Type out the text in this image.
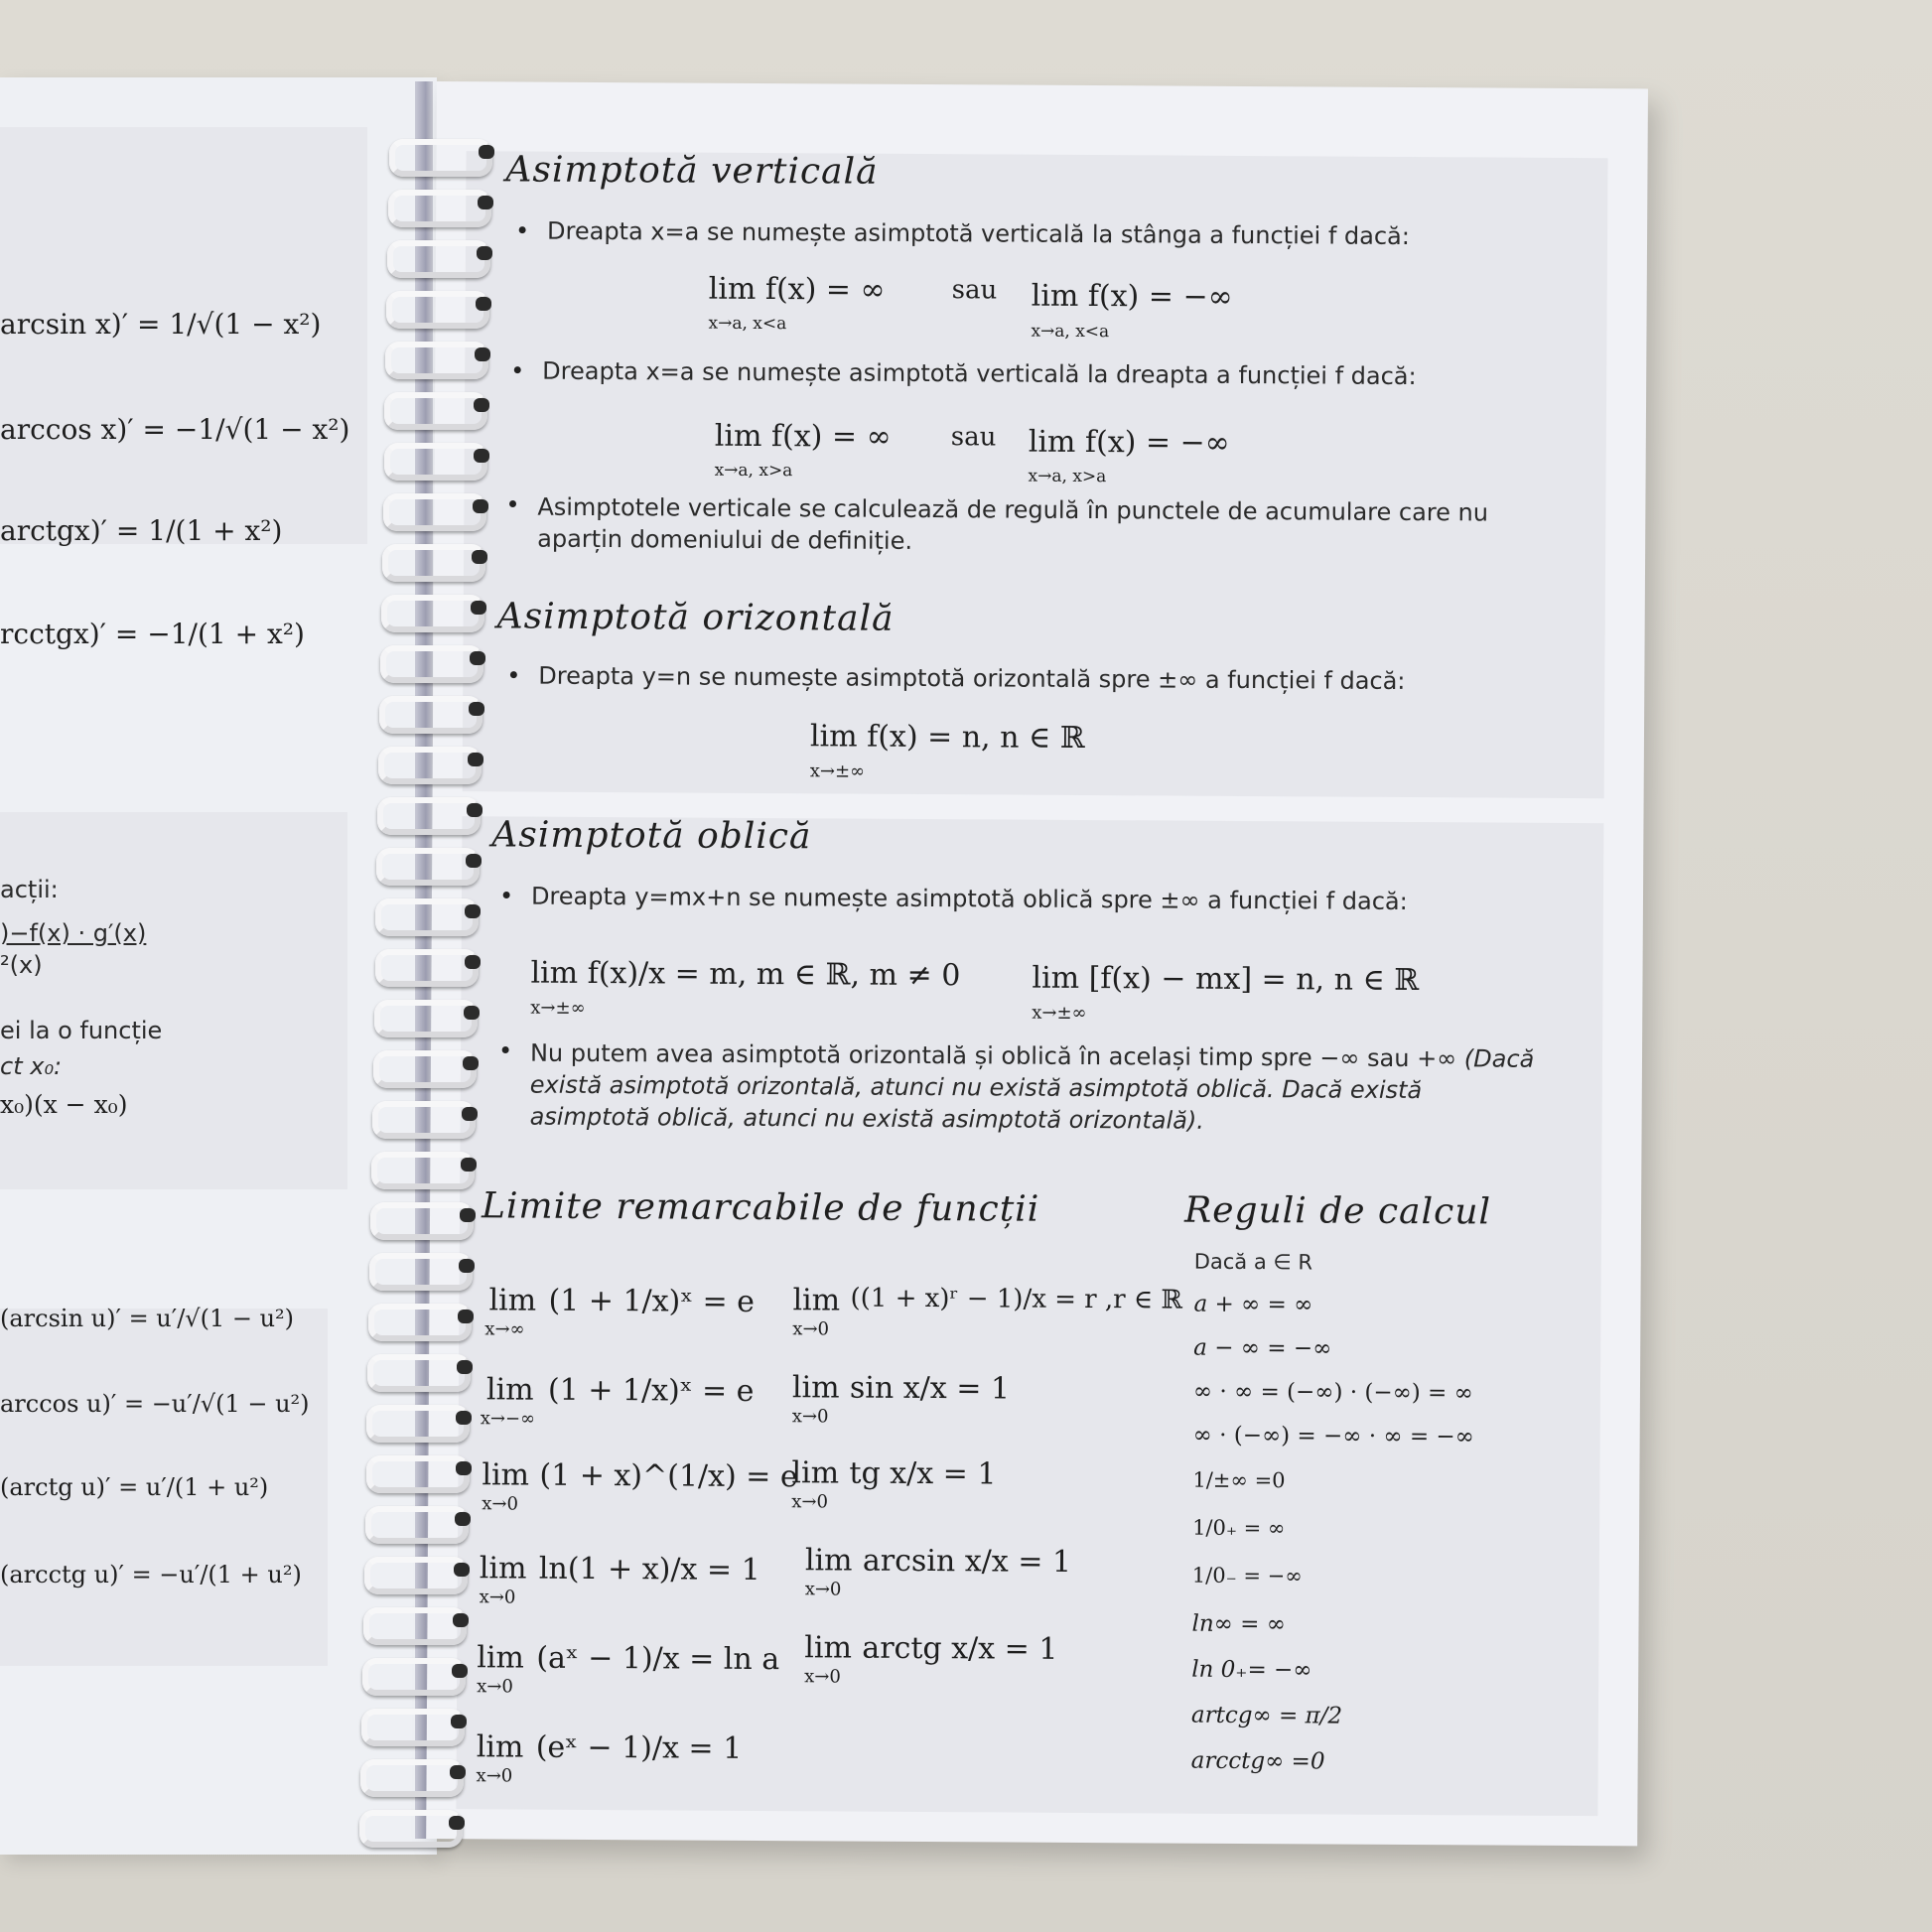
arcsin x)′ = 1/√(1 − x²)
arccos x)′ = −1/√(1 − x²)
arctgx)′ = 1/(1 + x²)
rcctgx)′ = −1/(1 + x²)
acții:
)−f(x) · g′(x)
²(x)
ei la o funcție
ct x₀:
x₀)(x − x₀)
(arcsin u)′ = u′/√(1 − u²)
arccos u)′ = −u′/√(1 − u²)
(arctg u)′ = u′/(1 + u²)
(arcctg u)′ = −u′/(1 + u²)
Asimptotă verticală
• Dreapta x=a se numește asimptotă verticală la stânga a funcției f dacă:
lim f(x) = ∞
x→a, x<a
sau lim f(x) = −∞
x→a, x<a
• Dreapta x=a se numește asimptotă verticală la dreapta a funcției f dacă:
lim f(x) = ∞
x→a, x>a
sau lim f(x) = −∞
x→a, x>a
• Asimptotele verticale se calculează de regulă în punctele de acumulare care nu aparțin domeniului de definiție.
Asimptotă orizontală
• Dreapta y=n se numește asimptotă orizontală spre ±∞ a funcției f dacă:
lim f(x) = n, n ∈ ℝ
x→±∞
Asimptotă oblică
• Dreapta y=mx+n se numește asimptotă oblică spre ±∞ a funcției f dacă:
lim f(x)/x = m, m ∈ ℝ, m ≠ 0
x→±∞
lim [f(x) − mx] = n, n ∈ ℝ
x→±∞
• Nu putem avea asimptotă orizontală și oblică în același timp spre −∞ sau +∞ (Dacă există asimptotă orizontală, atunci nu există asimptotă oblică. Dacă există asimptotă oblică, atunci nu există asimptotă orizontală).
Limite remarcabile de funcții
lim
x→∞
(1 + 1/x)ˣ = e
lim
x→−∞
(1 + 1/x)ˣ = e
lim
x→0
(1 + x)^(1/x) = e
lim
x→0
ln(1 + x)/x = 1
lim
x→0
(aˣ − 1)/x = ln a
lim
x→0
(eˣ − 1)/x = 1
lim
x→0
((1 + x)ʳ − 1)/x = r ,r ∈ ℝ
lim
x→0
sin x/x = 1
lim
x→0
tg x/x = 1
lim
x→0
arcsin x/x = 1
lim
x→0
arctg x/x = 1
Reguli de calcul
Dacă a ∈ R
a + ∞ = ∞
a − ∞ = −∞
∞ · ∞ = (−∞) · (−∞) = ∞
∞ · (−∞) = −∞ · ∞ = −∞
1/±∞ =0
1/0₊ = ∞
1/0₋ = −∞
ln∞ = ∞
ln 0₊= −∞
artcg∞ = π/2
arcctg∞ =0
